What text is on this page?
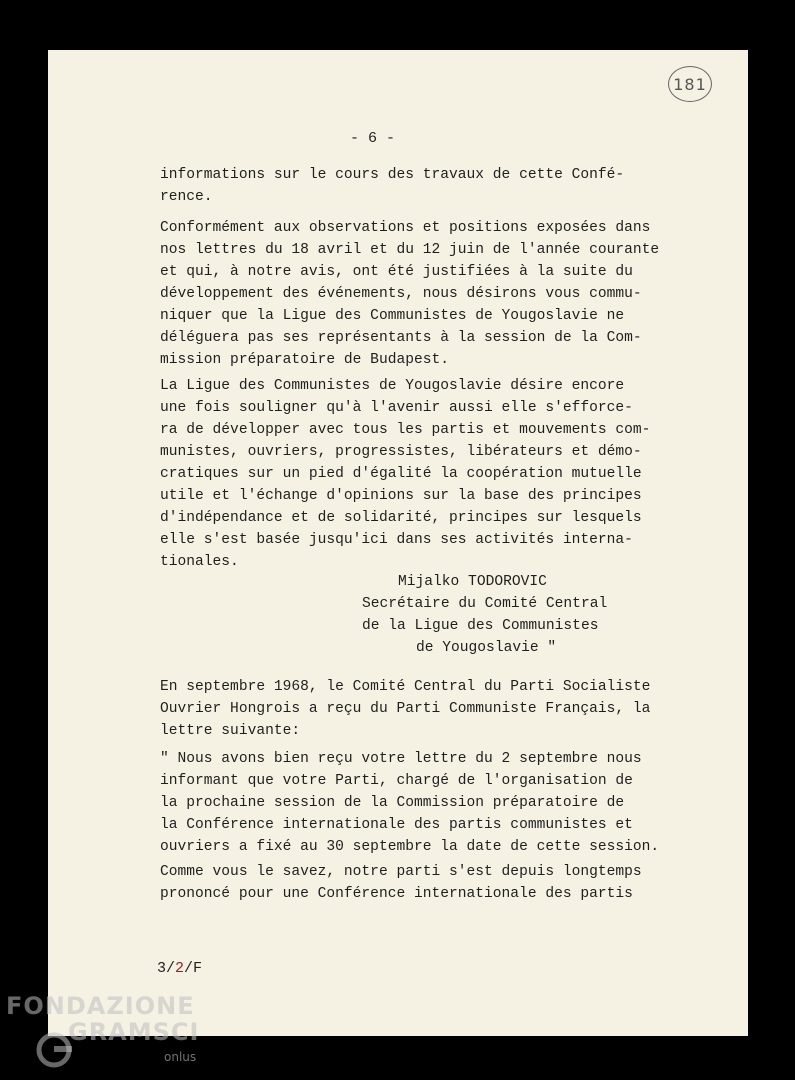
181
- 6 -
informations sur le cours des travaux de cette Confé-
rence.
Conformément aux observations et positions exposées dans
nos lettres du 18 avril et du 12 juin de l'année courante
et qui, à notre avis, ont été justifiées à la suite du
développement des événements, nous désirons vous commu-
niquer que la Ligue des Communistes de Yougoslavie ne
déléguera pas ses représentants à la session de la Com-
mission préparatoire de Budapest.
La Ligue des Communistes de Yougoslavie désire encore
une fois souligner qu'à l'avenir aussi elle s'efforce-
ra de développer avec tous les partis et mouvements com-
munistes, ouvriers, progressistes, libérateurs et démo-
cratiques sur un pied d'égalité la coopération mutuelle
utile et l'échange d'opinions sur la base des principes
d'indépendance et de solidarité, principes sur lesquels
elle s'est basée jusqu'ici dans ses activités internа-
tionales.
Mijalko TODOROVIC
Secrétaire du Comité Central
de la Ligue des Communistes
de Yougoslavie "
En septembre 1968, le Comité Central du Parti Socialiste
Ouvrier Hongrois a reçu du Parti Communiste Français, la
lettre suivante:
" Nous avons bien reçu votre lettre du 2 septembre nous
informant que votre Parti, chargé de l'organisation de
la prochaine session de la Commission préparatoire de
la Conférence internationale des partis communistes et
ouvriers a fixé au 30 septembre la date de cette session.
Comme vous le savez, notre parti s'est depuis longtemps
prononcé pour une Conférence internationale des partis
3/2/F
FONDAZIONE
GRAMSCI
onlus
